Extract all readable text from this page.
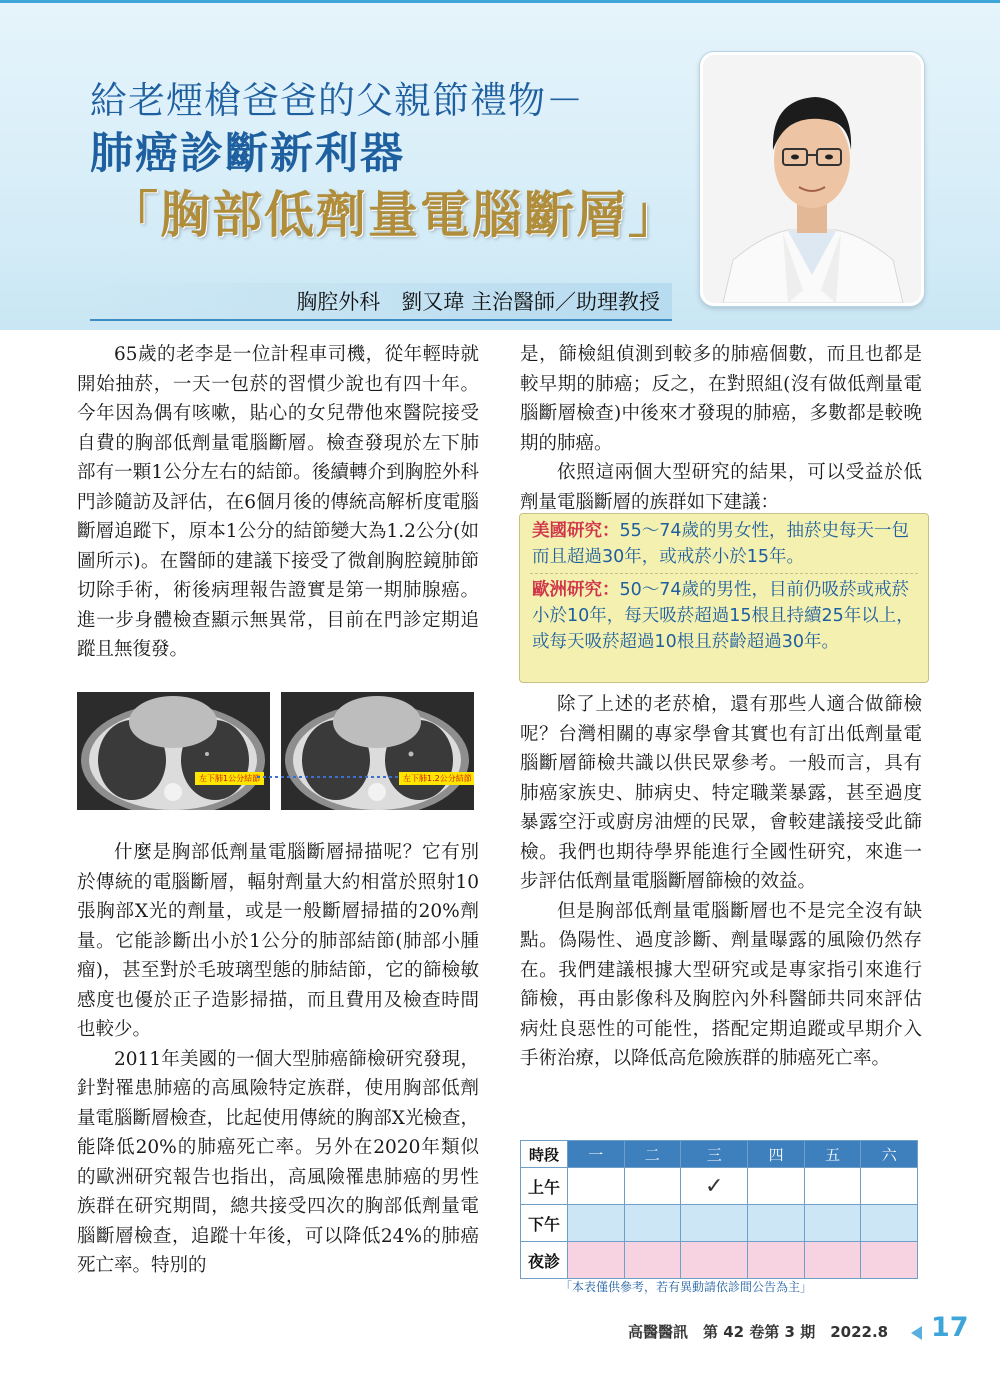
給老煙槍爸爸的父親節禮物－
肺癌診斷新利器
「胸部低劑量電腦斷層」
胸腔外科　劉又瑋 主治醫師／助理教授

65歲的老李是一位計程車司機，從年輕時就開始抽菸，一天一包菸的習慣少說也有四十年。今年因為偶有咳嗽，貼心的女兒帶他來醫院接受自費的胸部低劑量電腦斷層。檢查發現於左下肺部有一顆1公分左右的結節。後續轉介到胸腔外科門診隨訪及評估，在6個月後的傳統高解析度電腦斷層追蹤下，原本1公分的結節變大為1.2公分(如圖所示)。在醫師的建議下接受了微創胸腔鏡肺節切除手術，術後病理報告證實是第一期肺腺癌。進一步身體檢查顯示無異常，目前在門診定期追蹤且無復發。

左下肺1公分結節	左下肺1.2公分結節

什麼是胸部低劑量電腦斷層掃描呢？它有別於傳統的電腦斷層，輻射劑量大約相當於照射10張胸部X光的劑量，或是一般斷層掃描的20%劑量。它能診斷出小於1公分的肺部結節(肺部小腫瘤)，甚至對於毛玻璃型態的肺結節，它的篩檢敏感度也優於正子造影掃描，而且費用及檢查時間也較少。

2011年美國的一個大型肺癌篩檢研究發現，針對罹患肺癌的高風險特定族群，使用胸部低劑量電腦斷層檢查，比起使用傳統的胸部X光檢查，能降低20%的肺癌死亡率。另外在2020年類似的歐洲研究報告也指出，高風險罹患肺癌的男性族群在研究期間，總共接受四次的胸部低劑量電腦斷層檢查，追蹤十年後，可以降低24%的肺癌死亡率。特別的

是，篩檢組偵測到較多的肺癌個數，而且也都是較早期的肺癌；反之，在對照組(沒有做低劑量電腦斷層檢查)中後來才發現的肺癌，多數都是較晚期的肺癌。

依照這兩個大型研究的結果，可以受益於低劑量電腦斷層的族群如下建議：

美國研究：55～74歲的男女性，抽菸史每天一包而且超過30年，或戒菸小於15年。
歐洲研究：50～74歲的男性，目前仍吸菸或戒菸小於10年，每天吸菸超過15根且持續25年以上，或每天吸菸超過10根且菸齡超過30年。

除了上述的老菸槍，還有那些人適合做篩檢呢？台灣相關的專家學會其實也有訂出低劑量電腦斷層篩檢共識以供民眾參考。一般而言，具有肺癌家族史、肺病史、特定職業暴露，甚至過度暴露空汙或廚房油煙的民眾，會較建議接受此篩檢。我們也期待學界能進行全國性研究，來進一步評估低劑量電腦斷層篩檢的效益。

但是胸部低劑量電腦斷層也不是完全沒有缺點。偽陽性、過度診斷、劑量曝露的風險仍然存在。我們建議根據大型研究或是專家指引來進行篩檢，再由影像科及胸腔內外科醫師共同來評估病灶良惡性的可能性，搭配定期追蹤或早期介入手術治療，以降低高危險族群的肺癌死亡率。

時段	一	二	三	四	五	六
上午			✓			
下午						
夜診						
「本表僅供參考，若有異動請依診間公告為主」
高醫醫訊　第 42 卷第 3 期　2022.8 17
